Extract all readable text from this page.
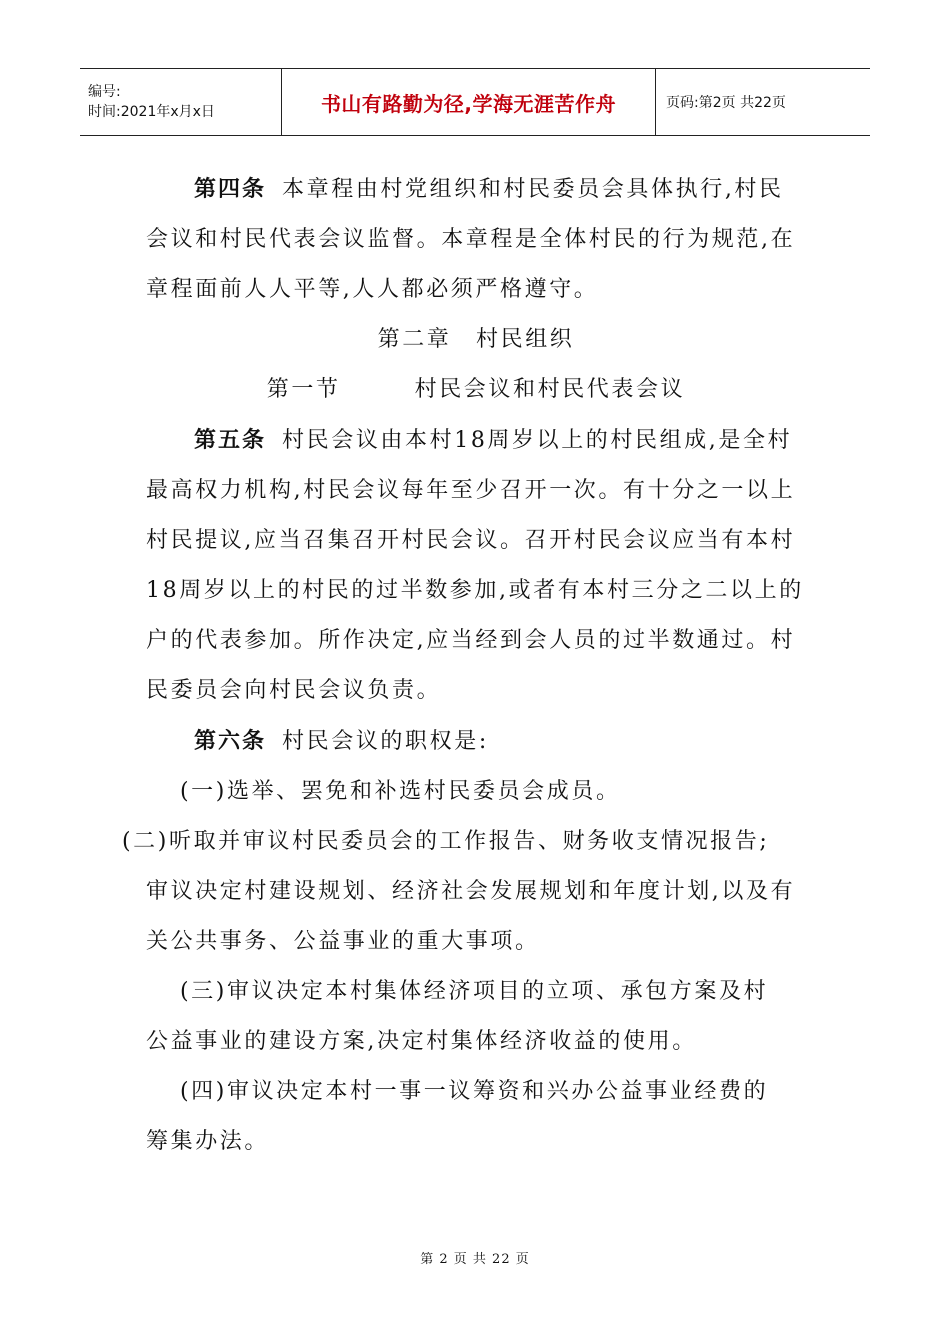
编号:
时间:2021年x月x日	书山有路勤为径,学海无涯苦作舟	页码:第2页 共22页

第四条 本章程由村党组织和村民委员会具体执行,村民

会议和村民代表会议监督。本章程是全体村民的行为规范,在

章程面前人人平等,人人都必须严格遵守。

第二章　村民组织

第一节	村民会议和村民代表会议

第五条 村民会议由本村18周岁以上的村民组成,是全村

最高权力机构,村民会议每年至少召开一次。有十分之一以上

村民提议,应当召集召开村民会议。召开村民会议应当有本村

18周岁以上的村民的过半数参加,或者有本村三分之二以上的

户的代表参加。所作决定,应当经到会人员的过半数通过。村

民委员会向村民会议负责。

第六条 村民会议的职权是:

(一)选举、罢免和补选村民委员会成员。

(二)听取并审议村民委员会的工作报告、财务收支情况报告;

审议决定村建设规划、经济社会发展规划和年度计划,以及有

关公共事务、公益事业的重大事项。

(三)审议决定本村集体经济项目的立项、承包方案及村

公益事业的建设方案,决定村集体经济收益的使用。

(四)审议决定本村一事一议筹资和兴办公益事业经费的

筹集办法。

第 2 页 共 22 页
